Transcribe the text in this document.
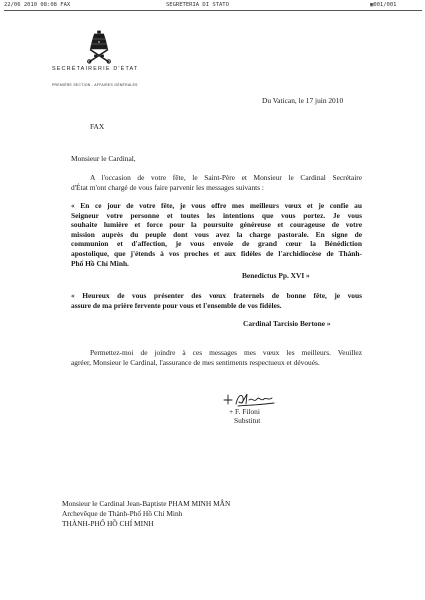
22/06 2010 08:08 FAX	SEGRETERIA DI STATO	▣001/001
SECRÉTAIRERIE D'ÉTAT
PREMIÈRE SECTION - AFFAIRES GÉNÉRALES
Du Vatican, le 17 juin 2010
FAX
Monsieur le Cardinal,
A l'occasion de votre fête, le Saint-Père et Monsieur le Cardinal Secrétaire
d'État m'ont chargé de vous faire parvenir les messages suivants :
« En ce jour de votre fête, je vous offre mes meilleurs vœux et je confie au
Seigneur votre personne et toutes les intentions que vous portez. Je vous
souhaite lumière et force pour la poursuite généreuse et courageuse de votre
mission auprès du peuple dont vous avez la charge pastorale. En signe de
communion et d'affection, je vous envoie de grand cœur la Bénédiction
apostolique, que j'étends à vos proches et aux fidèles de l'archidiocèse de Thành-
Phố Hồ Chí Minh.
Benedictus Pp. XVI »
« Heureux de vous présenter des vœux fraternels de bonne fête, je vous
assure de ma prière fervente pour vous et l'ensemble de vos fidèles.
Cardinal Tarcisio Bertone »
Permettez-moi de joindre à ces messages mes vœux les meilleurs. Veuillez
agréer, Monsieur le Cardinal, l'assurance de mes sentiments respectueux et dévoués.
+ F. Filoni
Substitut
Monsieur le Cardinal Jean-Baptiste PHAM MINH MÂN
Archevêque de Thành-Phố Hồ Chí Minh
THÀNH-PHỐ HỒ CHÍ MINH
